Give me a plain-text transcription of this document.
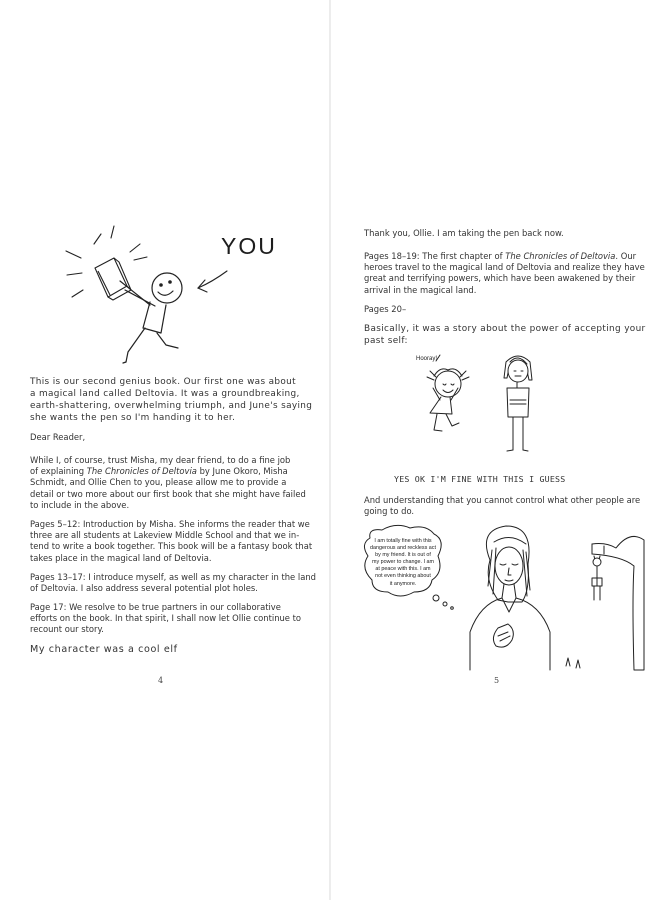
YOU

This is our second genius book. Our first one was about
a magical land called Deltovia. It was a groundbreaking,
earth-shattering, overwhelming triumph, and June's saying
she wants the pen so I'm handing it to her.

Dear Reader,

While I, of course, trust Misha, my dear friend, to do a fine job
of explaining The Chronicles of Deltovia by June Okoro, Misha
Schmidt, and Ollie Chen to you, please allow me to provide a
detail or two more about our first book that she might have failed
to include in the above.

Pages 5–12: Introduction by Misha. She informs the reader that we
three are all students at Lakeview Middle School and that we in-
tend to write a book together. This book will be a fantasy book that
takes place in the magical land of Deltovia.

Pages 13–17: I introduce myself, as well as my character in the land
of Deltovia. I also address several potential plot holes.

Page 17: We resolve to be true partners in our collaborative
efforts on the book. In that spirit, I shall now let Ollie continue to
recount our story.

My character was a cool elf

4

Thank you, Ollie. I am taking the pen back now.

Pages 18–19: The first chapter of The Chronicles of Deltovia. Our
heroes travel to the magical land of Deltovia and realize they have
great and terrifying powers, which have been awakened by their
arrival in the magical land.

Pages 20–

Basically, it was a story about the power of accepting your
past self:

Hooray!
YES OK I'M FINE WITH THIS I GUESS

And understanding that you cannot control what other people are
going to do.

I am totally fine with this
dangerous and reckless act
by my friend. It is out of
my power to change. I am
at peace with this. I am
not even thinking about
it anymore.

5
